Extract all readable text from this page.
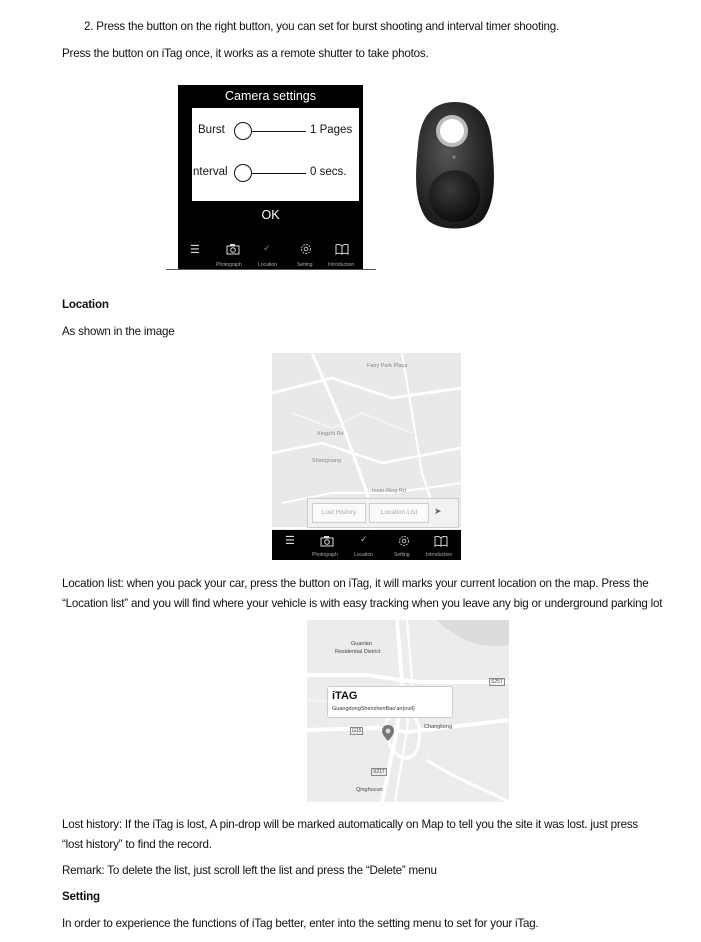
2. Press the button on the right button, you can set for burst shooting and interval timer shooting.
Press the button on iTag once, it works as a remote shutter to take photos.
Camera settings
Burst	1 Pages
nterval	0 secs.
OK
☰	✓
Photograph	Location	Setting	Introduction
Location
As shown in the image
Fairy Park Plaza
Xingzhi Rd
Shangxiang
Inner Ring Rd
Lost History	Location List	➤
☰	✓
Photograph	Location	Setting	Introduction
Location list: when you pack your car, press the button on iTag, it will marks your current location on the map. Press the
“Location list” and you will find where your vehicle is with easy tracking when you leave any big or underground parking lot
Guanlan
Residential District
S257
G15
X217
Changkeng
Qinghucun
iTAG
GuangdongShenzhenBao'an(null)
Lost history: If the iTag is lost, A pin-drop will be marked automatically on Map to tell you the site it was lost. just press
“lost history” to find the record.
Remark: To delete the list, just scroll left the list and press the “Delete” menu
Setting
In order to experience the functions of iTag better, enter into the setting menu to set for your iTag.
